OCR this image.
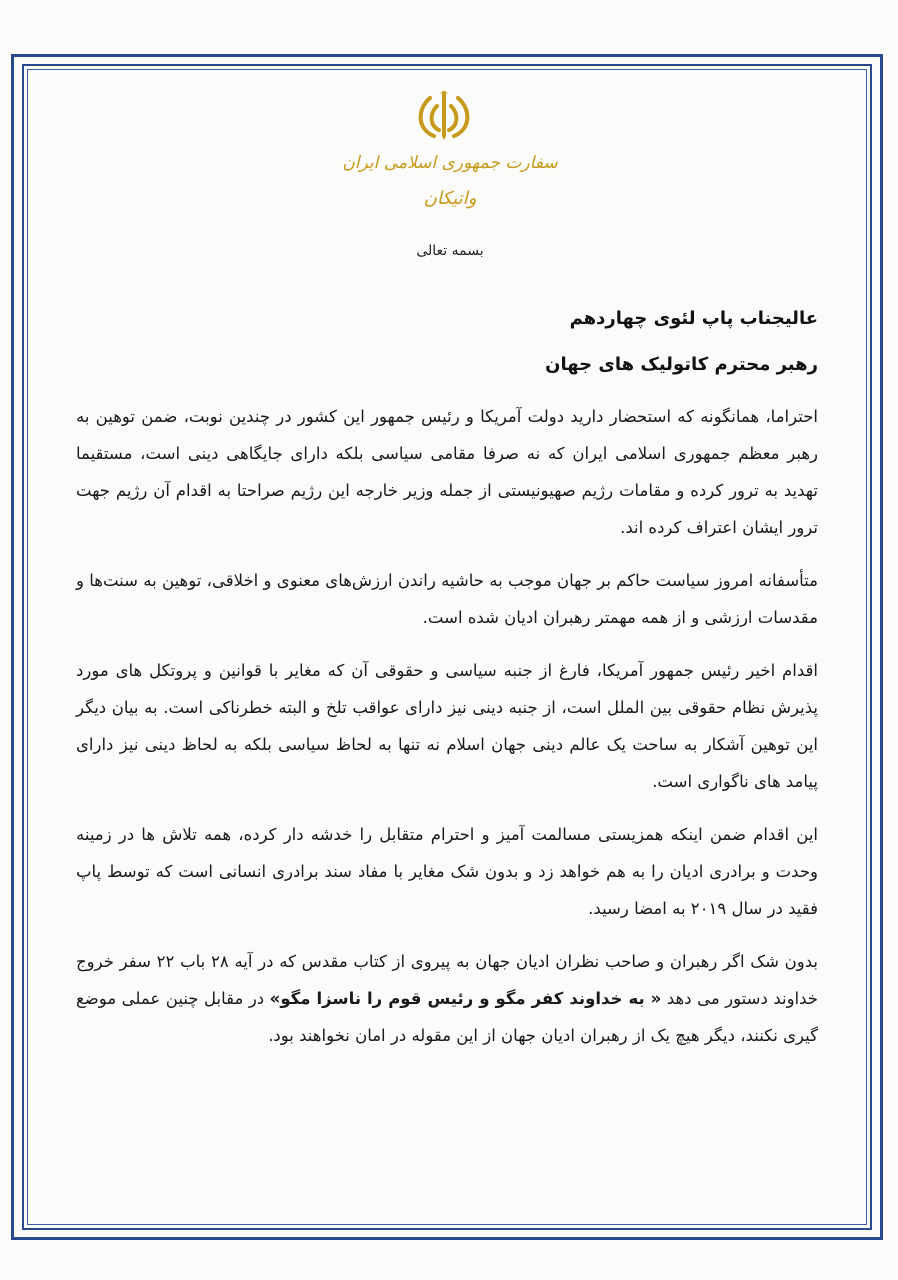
سفارت جمهوری اسلامی ایران
واتیکان
بسمه تعالی
عالیجناب پاپ لئوی چهاردهم
رهبر محترم کاتولیک های جهان

احتراما، همانگونه که استحضار دارید دولت آمریکا و رئیس جمهور این کشور در چندین نوبت، ضمن توهین به رهبر معظم جمهوری اسلامی ایران که نه صرفا مقامی سیاسی بلکه دارای جایگاهی دینی است، مستقیما تهدید به ترور کرده و مقامات رژیم صهیونیستی از جمله وزیر خارجه این رژیم صراحتا به اقدام آن رژیم جهت ترور ایشان اعتراف کرده اند.

متأسفانه امروز سیاست حاکم بر جهان موجب به حاشیه راندن ارزش‌های معنوی و اخلاقی، توهین به سنت‌ها و مقدسات ارزشی و از همه مهمتر رهبران ادیان شده است.

اقدام اخیر رئیس جمهور آمریکا، فارغ از جنبه سیاسی و حقوقی آن که مغایر با قوانین و پروتکل های مورد پذیرش نظام حقوقی بین الملل است، از جنبه دینی نیز دارای عواقب تلخ و البته خطرناکی است. به بیان دیگر این توهین آشکار به ساحت یک عالم دینی جهان اسلام نه تنها به لحاظ سیاسی بلکه به لحاظ دینی نیز دارای پیامد های ناگواری است.

این اقدام ضمن اینکه همزیستی مسالمت آمیز و احترام متقابل را خدشه دار کرده، همه تلاش ها در زمینه وحدت و برادری ادیان را به هم خواهد زد و بدون شک مغایر با مفاد سند برادری انسانی است که توسط پاپ فقید در سال ۲۰۱۹ به امضا رسید.

بدون شک اگر رهبران و صاحب نظران ادیان جهان به پیروی از کتاب مقدس که در آیه ۲۸ باب ۲۲ سفر خروج خداوند دستور می دهد « به خداوند کفر مگو و رئیس قوم را ناسزا مگو» در مقابل چنین عملی موضع گیری نکنند، دیگر هیچ یک از رهبران ادیان جهان از این مقوله در امان نخواهند بود.
